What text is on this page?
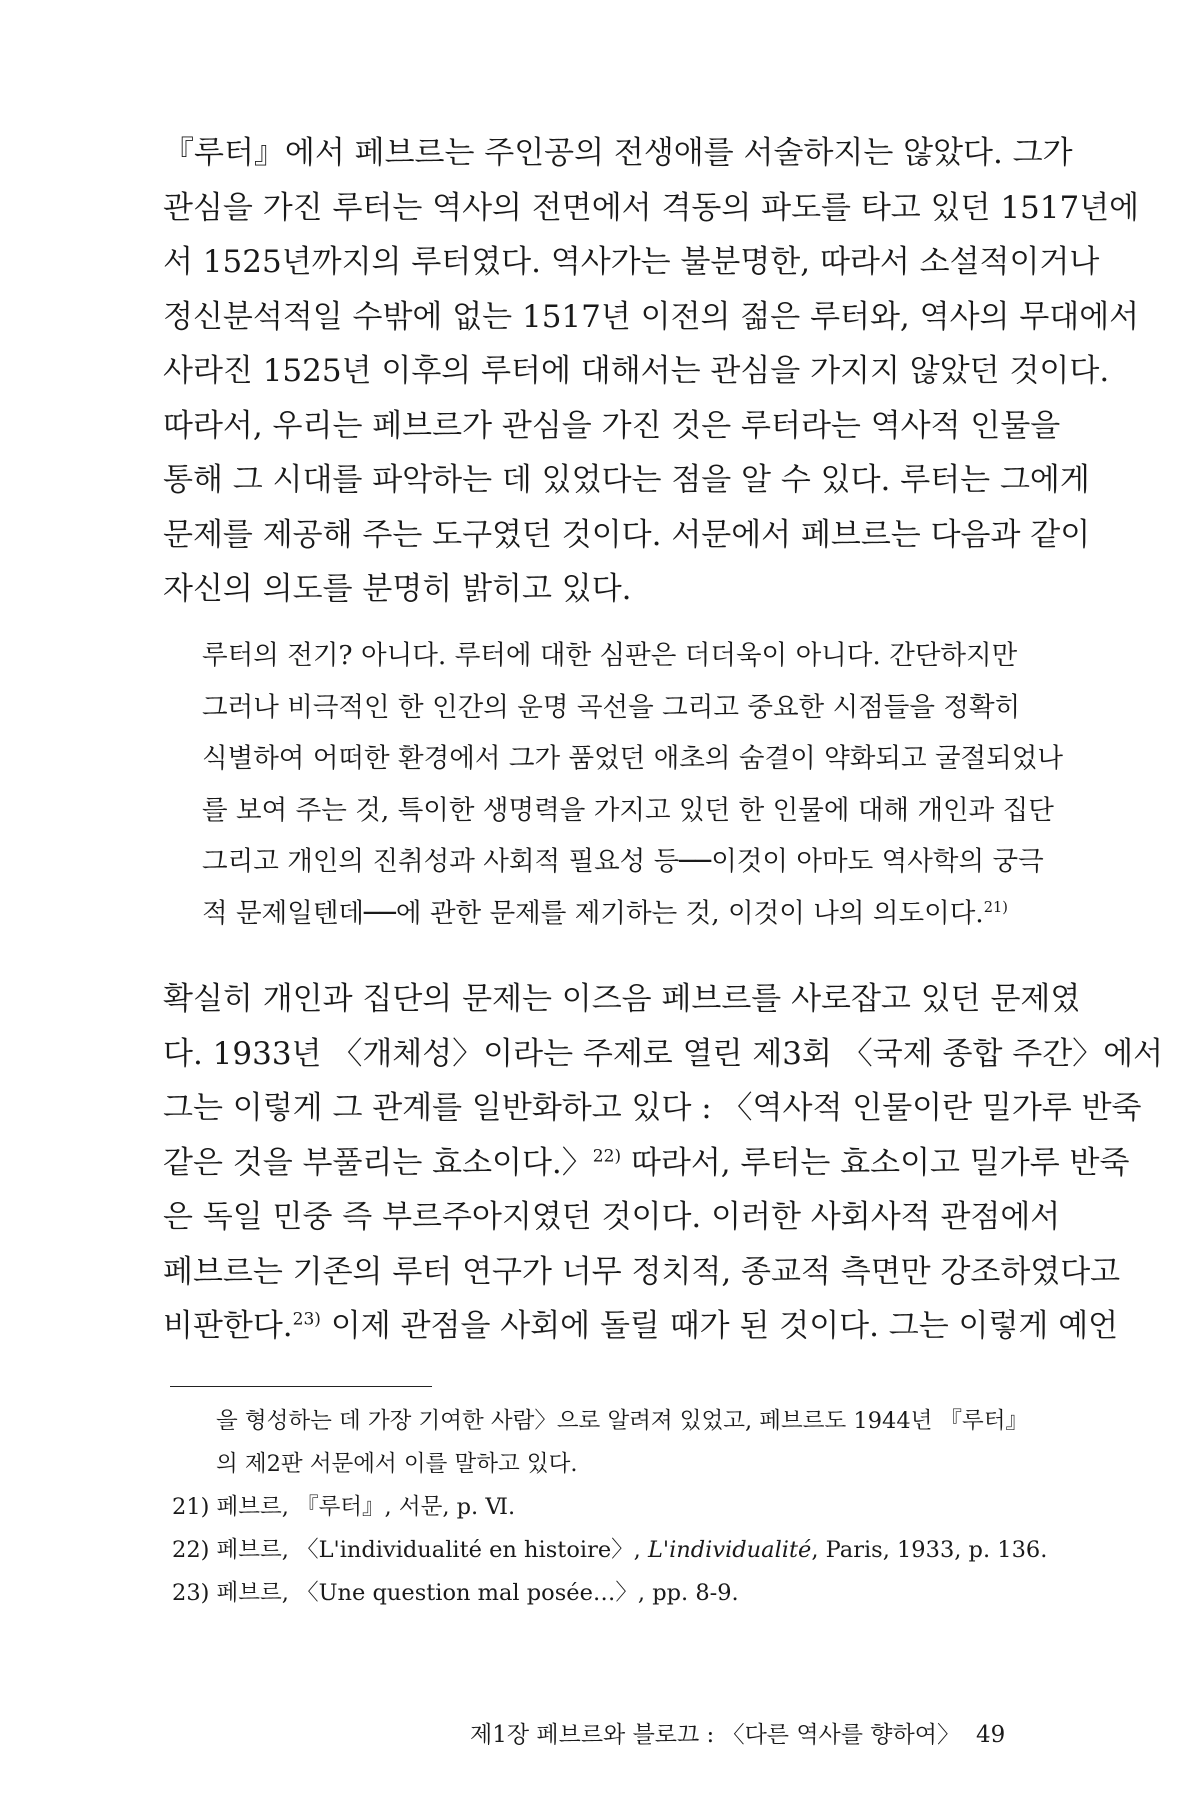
『루터』에서 페브르는 주인공의 전생애를 서술하지는 않았다. 그가
관심을 가진 루터는 역사의 전면에서 격동의 파도를 타고 있던 1517년에
서 1525년까지의 루터였다. 역사가는 불분명한, 따라서 소설적이거나
정신분석적일 수밖에 없는 1517년 이전의 젊은 루터와, 역사의 무대에서
사라진 1525년 이후의 루터에 대해서는 관심을 가지지 않았던 것이다.
따라서, 우리는 페브르가 관심을 가진 것은 루터라는 역사적 인물을
통해 그 시대를 파악하는 데 있었다는 점을 알 수 있다. 루터는 그에게
문제를 제공해 주는 도구였던 것이다. 서문에서 페브르는 다음과 같이
자신의 의도를 분명히 밝히고 있다.
루터의 전기? 아니다. 루터에 대한 심판은 더더욱이 아니다. 간단하지만
그러나 비극적인 한 인간의 운명 곡선을 그리고 중요한 시점들을 정확히
식별하여 어떠한 환경에서 그가 품었던 애초의 숨결이 약화되고 굴절되었나
를 보여 주는 것, 특이한 생명력을 가지고 있던 한 인물에 대해 개인과 집단
그리고 개인의 진취성과 사회적 필요성 등──이것이 아마도 역사학의 궁극
적 문제일텐데──에 관한 문제를 제기하는 것, 이것이 나의 의도이다.$^{21)}$
확실히 개인과 집단의 문제는 이즈음 페브르를 사로잡고 있던 문제였
다. 1933년 〈개체성〉이라는 주제로 열린 제3회 〈국제 종합 주간〉에서
그는 이렇게 그 관계를 일반화하고 있다 : 〈역사적 인물이란 밀가루 반죽
같은 것을 부풀리는 효소이다.〉$^{22)}$ 따라서, 루터는 효소이고 밀가루 반죽
은 독일 민중 즉 부르주아지였던 것이다. 이러한 사회사적 관점에서
페브르는 기존의 루터 연구가 너무 정치적, 종교적 측면만 강조하였다고
비판한다.$^{23)}$ 이제 관점을 사회에 돌릴 때가 된 것이다. 그는 이렇게 예언
을 형성하는 데 가장 기여한 사람〉으로 알려져 있었고, 페브르도 1944년 『루터』
의 제2판 서문에서 이를 말하고 있다.
21) 페브르, 『루터』, 서문, p. Ⅵ.
22) 페브르, 〈L'individualité en histoire〉, L'individualité, Paris, 1933, p. 136.
23) 페브르, 〈Une question mal posée…〉, pp. 8-9.
제1장 페브르와 블로끄 : 〈다른 역사를 향하여〉 49
